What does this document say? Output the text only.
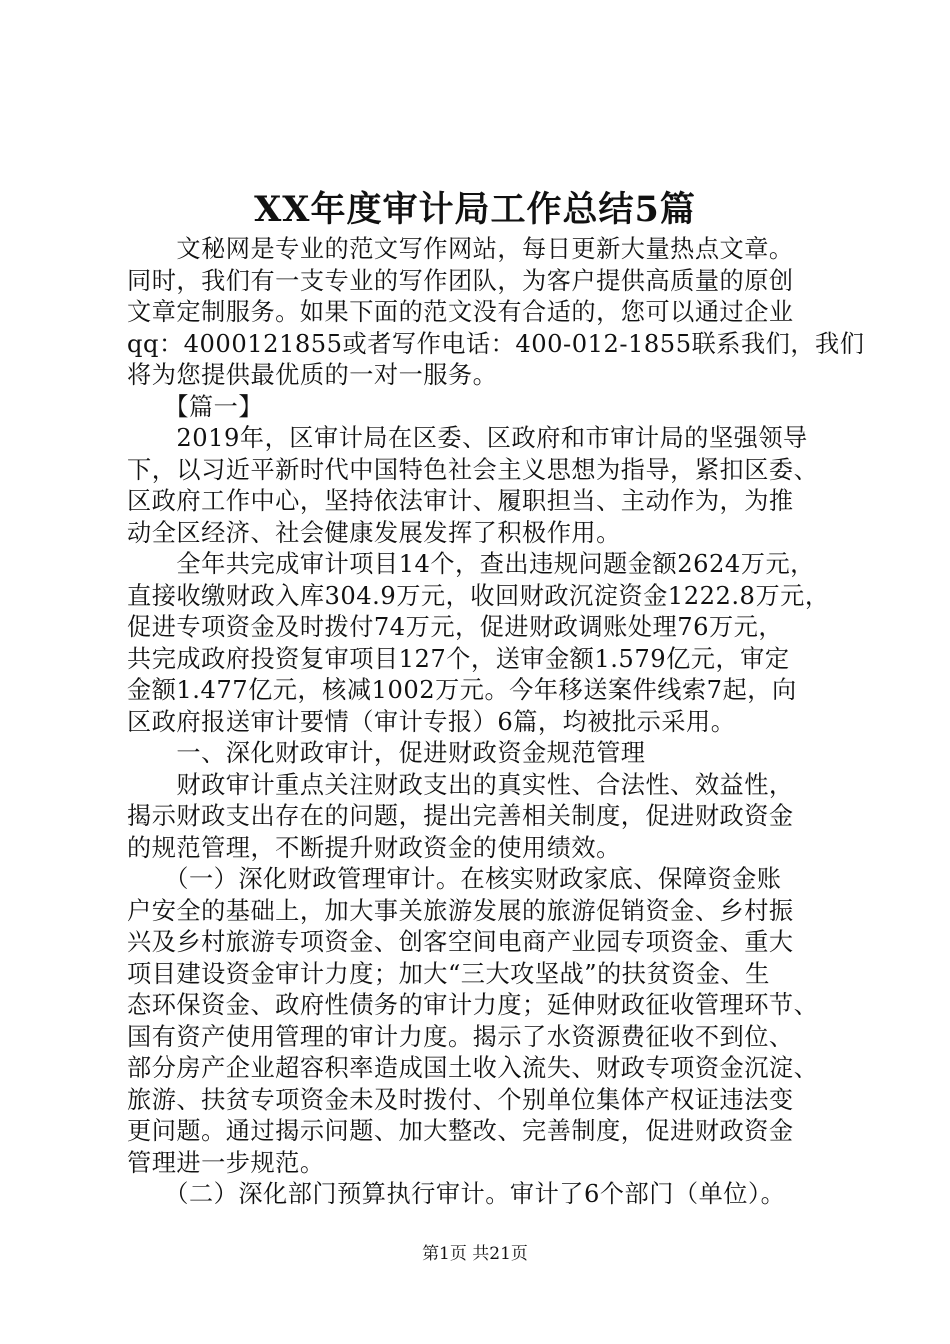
XX年度审计局工作总结5篇
　　文秘网是专业的范文写作网站，每日更新大量热点文章。
同时，我们有一支专业的写作团队，为客户提供高质量的原创
文章定制服务。如果下面的范文没有合适的，您可以通过企业
qq：4000121855或者写作电话：400-012-1855联系我们，我们
将为您提供最优质的一对一服务。
　　【篇一】
　　2019年，区审计局在区委、区政府和市审计局的坚强领导
下，以习近平新时代中国特色社会主义思想为指导，紧扣区委、
区政府工作中心，坚持依法审计、履职担当、主动作为，为推
动全区经济、社会健康发展发挥了积极作用。
　　全年共完成审计项目14个，查出违规问题金额2624万元，
直接收缴财政入库304.9万元，收回财政沉淀资金1222.8万元，
促进专项资金及时拨付74万元，促进财政调账处理76万元，
共完成政府投资复审项目127个，送审金额1.579亿元，审定
金额1.477亿元，核减1002万元。今年移送案件线索7起，向
区政府报送审计要情（审计专报）6篇，均被批示采用。
　　一、深化财政审计，促进财政资金规范管理
　　财政审计重点关注财政支出的真实性、合法性、效益性，
揭示财政支出存在的问题，提出完善相关制度，促进财政资金
的规范管理，不断提升财政资金的使用绩效。
　　（一）深化财政管理审计。在核实财政家底、保障资金账
户安全的基础上，加大事关旅游发展的旅游促销资金、乡村振
兴及乡村旅游专项资金、创客空间电商产业园专项资金、重大
项目建设资金审计力度；加大“三大攻坚战”的扶贫资金、生
态环保资金、政府性债务的审计力度；延伸财政征收管理环节、
国有资产使用管理的审计力度。揭示了水资源费征收不到位、
部分房产企业超容积率造成国土收入流失、财政专项资金沉淀、
旅游、扶贫专项资金未及时拨付、个别单位集体产权证违法变
更问题。通过揭示问题、加大整改、完善制度，促进财政资金
管理进一步规范。
　　（二）深化部门预算执行审计。审计了6个部门（单位）。
第1页 共21页
